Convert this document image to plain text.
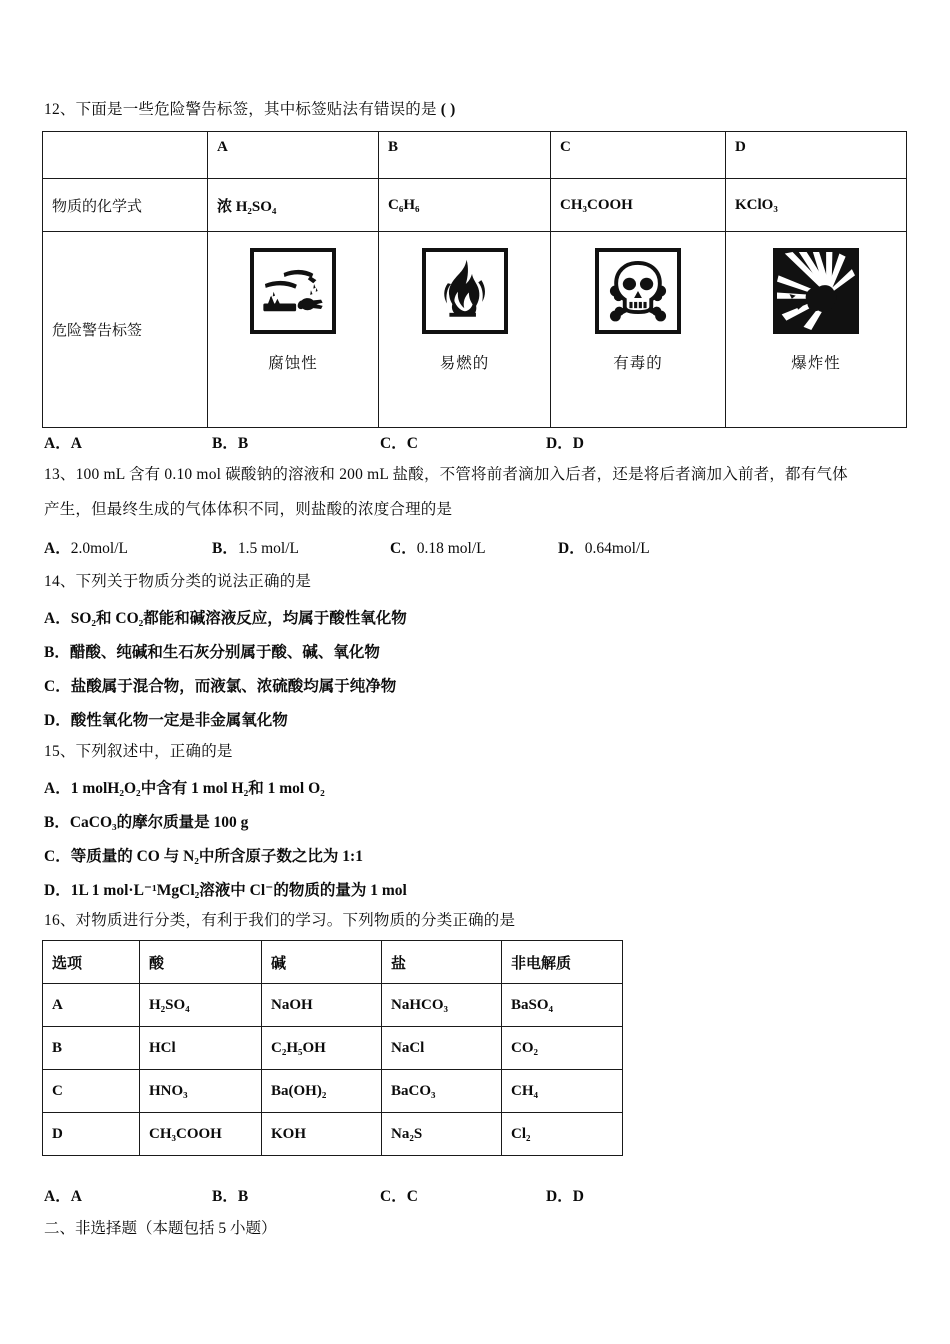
12、下面是一些危险警告标签，其中标签贴法有错误的是 ( )
	A	B	C	D
物质的化学式	浓 H₂SO₄	C₆H₆	CH₃COOH	KClO₃
危险警告标签	腐蚀性	易燃的	有毒的	爆炸性
A．A	B．B	C．C	D．D
13、100 mL 含有 0.10 mol 碳酸钠的溶液和 200 mL 盐酸，不管将前者滴加入后者，还是将后者滴加入前者，都有气体
产生，但最终生成的气体体积不同，则盐酸的浓度合理的是
A．2.0mol/L	B．1.5 mol/L	C．0.18 mol/L	D．0.64mol/L
14、下列关于物质分类的说法正确的是
A．SO₂和 CO₂都能和碱溶液反应，均属于酸性氧化物
B．醋酸、纯碱和生石灰分别属于酸、碱、氧化物
C．盐酸属于混合物，而液氯、浓硫酸均属于纯净物
D．酸性氧化物一定是非金属氧化物
15、下列叙述中，正确的是
A．1 molH₂O₂中含有 1 mol H₂和 1 mol O₂
B．CaCO₃的摩尔质量是 100 g
C．等质量的 CO 与 N₂中所含原子数之比为 1:1
D．1L 1 mol·L⁻¹MgCl₂溶液中 Cl⁻的物质的量为 1 mol
16、对物质进行分类，有利于我们的学习。下列物质的分类正确的是
选项	酸	碱	盐	非电解质
A	H₂SO₄	NaOH	NaHCO₃	BaSO₄
B	HCl	C₂H₅OH	NaCl	CO₂
C	HNO₃	Ba(OH)₂	BaCO₃	CH₄
D	CH₃COOH	KOH	Na₂S	Cl₂
A．A	B．B	C．C	D．D
二、非选择题（本题包括 5 小题）
